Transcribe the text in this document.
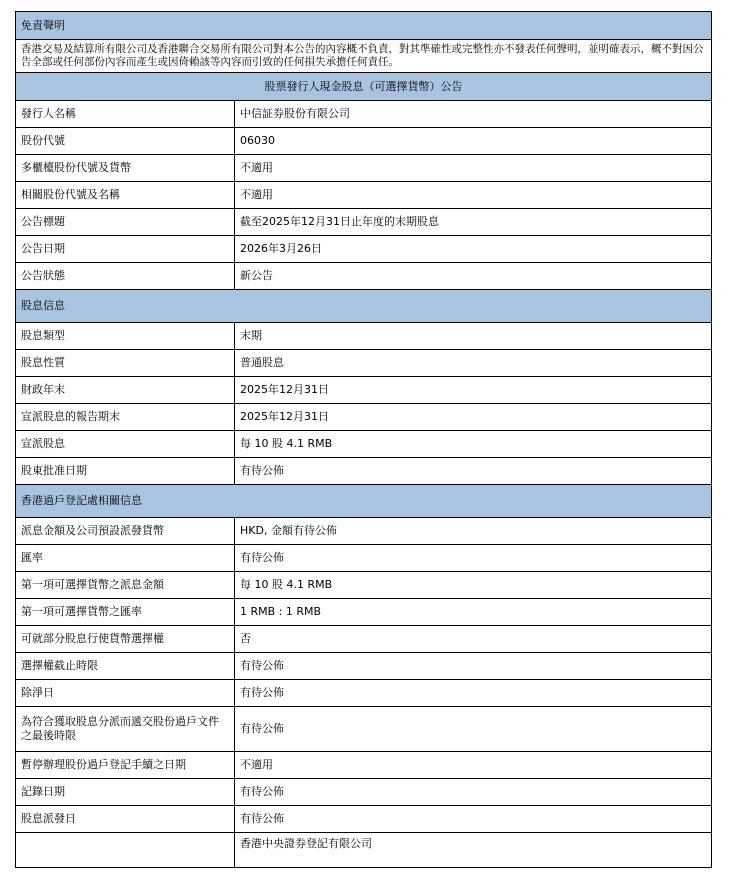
免責聲明	
香港交易及結算所有限公司及香港聯合交易所有限公司對本公告的內容概不負責，對其準確性或完整性亦不發表任何聲明，並明確表示，概不對因公告全部或任何部份內容而產生或因倚賴該等內容而引致的任何損失承擔任何責任。	
股票發行人現金股息（可選擇貨幣）公告	
發行人名稱	中信証券股份有限公司
股份代號	06030
多櫃檯股份代號及貨幣	不適用
相關股份代號及名稱	不適用
公告標題	截至2025年12月31日止年度的末期股息
公告日期	2026年3月26日
公告狀態	新公告
股息信息	
股息類型	末期
股息性質	普通股息
財政年末	2025年12月31日
宣派股息的報告期末	2025年12月31日
宣派股息	每 10 股 4.1 RMB
股東批准日期	有待公佈
香港過戶登記處相關信息	
派息金額及公司預設派發貨幣	HKD, 金額有待公佈
匯率	有待公佈
第一項可選擇貨幣之派息金額	每 10 股 4.1 RMB
第一項可選擇貨幣之匯率	1 RMB : 1 RMB
可就部分股息行使貨幣選擇權	否
選擇權截止時限	有待公佈
除淨日	有待公佈
為符合獲取股息分派而遞交股份過戶文件之最後時限	有待公佈
暫停辦理股份過戶登記手續之日期	不適用
記錄日期	有待公佈
股息派發日	有待公佈
	香港中央證券登記有限公司
